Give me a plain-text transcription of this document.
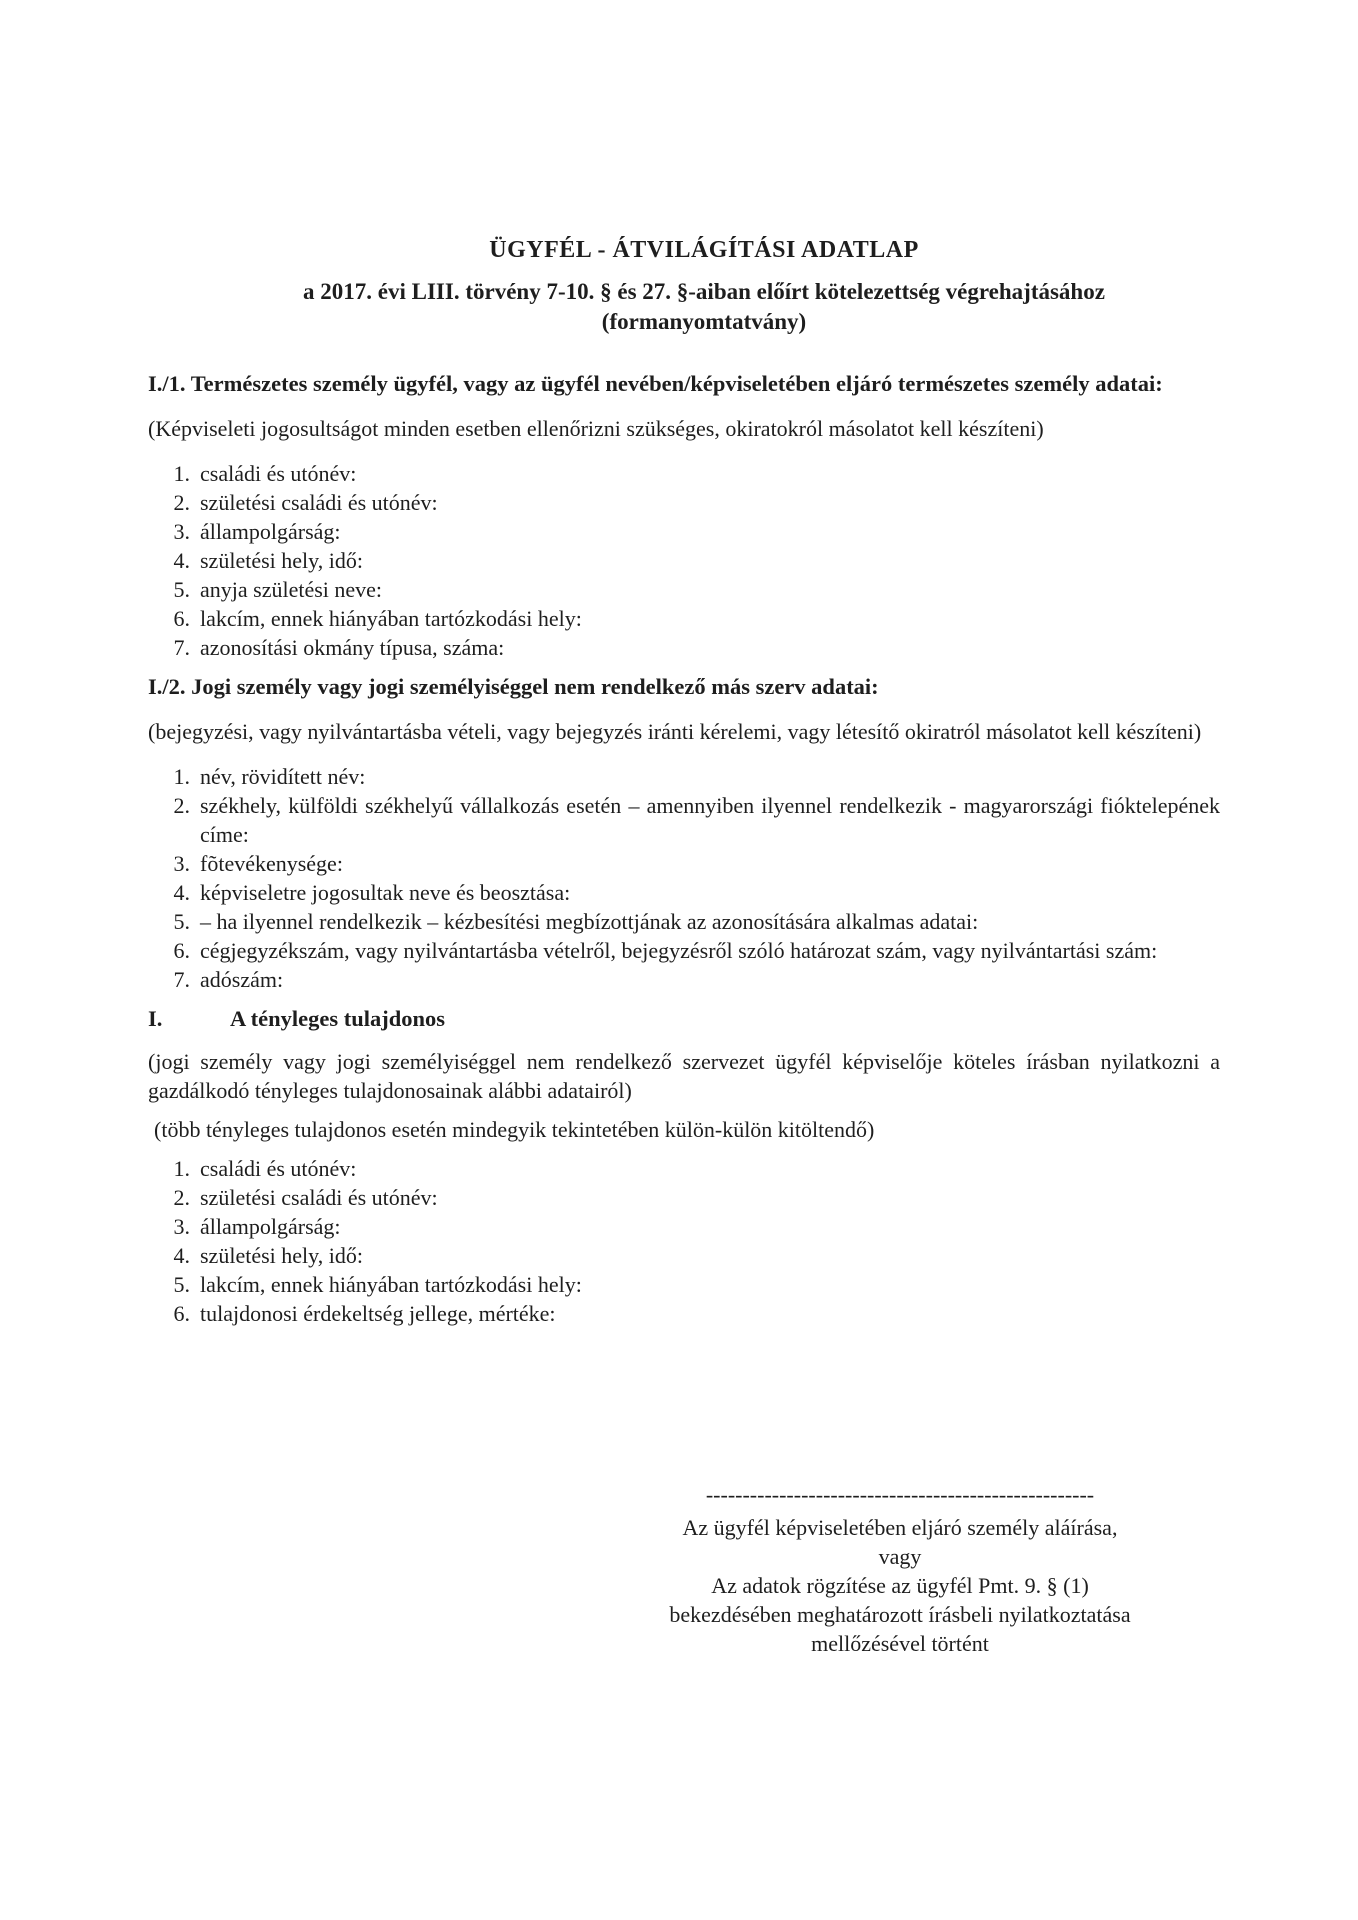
ÜGYFÉL - ÁTVILÁGÍTÁSI ADATLAP
a 2017. évi LIII. törvény 7-10. § és 27. §-aiban előírt kötelezettség végrehajtásához
(formanyomtatvány)
I./1. Természetes személy ügyfél, vagy az ügyfél nevében/képviseletében eljáró természetes személy adatai:
(Képviseleti jogosultságot minden esetben ellenőrizni szükséges, okiratokról másolatot kell készíteni)
1. családi és utónév:
2. születési családi és utónév:
3. állampolgárság:
4. születési hely, idő:
5. anyja születési neve:
6. lakcím, ennek hiányában tartózkodási hely:
7. azonosítási okmány típusa, száma:
I./2. Jogi személy vagy jogi személyiséggel nem rendelkező más szerv adatai:
(bejegyzési, vagy nyilvántartásba vételi, vagy bejegyzés iránti kérelemi, vagy létesítő okiratról másolatot kell készíteni)
1. név, rövidített név:
2. székhely, külföldi székhelyű vállalkozás esetén – amennyiben ilyennel rendelkezik - magyarországi fióktelepének címe:
3. fõtevékenysége:
4. képviseletre jogosultak neve és beosztása:
5. – ha ilyennel rendelkezik – kézbesítési megbízottjának az azonosítására alkalmas adatai:
6. cégjegyzékszám, vagy nyilvántartásba vételről, bejegyzésről szóló határozat szám, vagy nyilvántartási szám:
7. adószám:
I.	A tényleges tulajdonos
(jogi személy vagy jogi személyiséggel nem rendelkező szervezet ügyfél képviselője köteles írásban nyilatkozni a gazdálkodó tényleges tulajdonosainak alábbi adatairól)
(több tényleges tulajdonos esetén mindegyik tekintetében külön-külön kitöltendő)
1. családi és utónév:
2. születési családi és utónév:
3. állampolgárság:
4. születési hely, idő:
5. lakcím, ennek hiányában tartózkodási hely:
6. tulajdonosi érdekeltség jellege, mértéke:
-----------------------------------------------------
Az ügyfél képviseletében eljáró személy aláírása,
vagy
Az adatok rögzítése az ügyfél Pmt. 9. § (1)
bekezdésében meghatározott írásbeli nyilatkoztatása
mellőzésével történt
